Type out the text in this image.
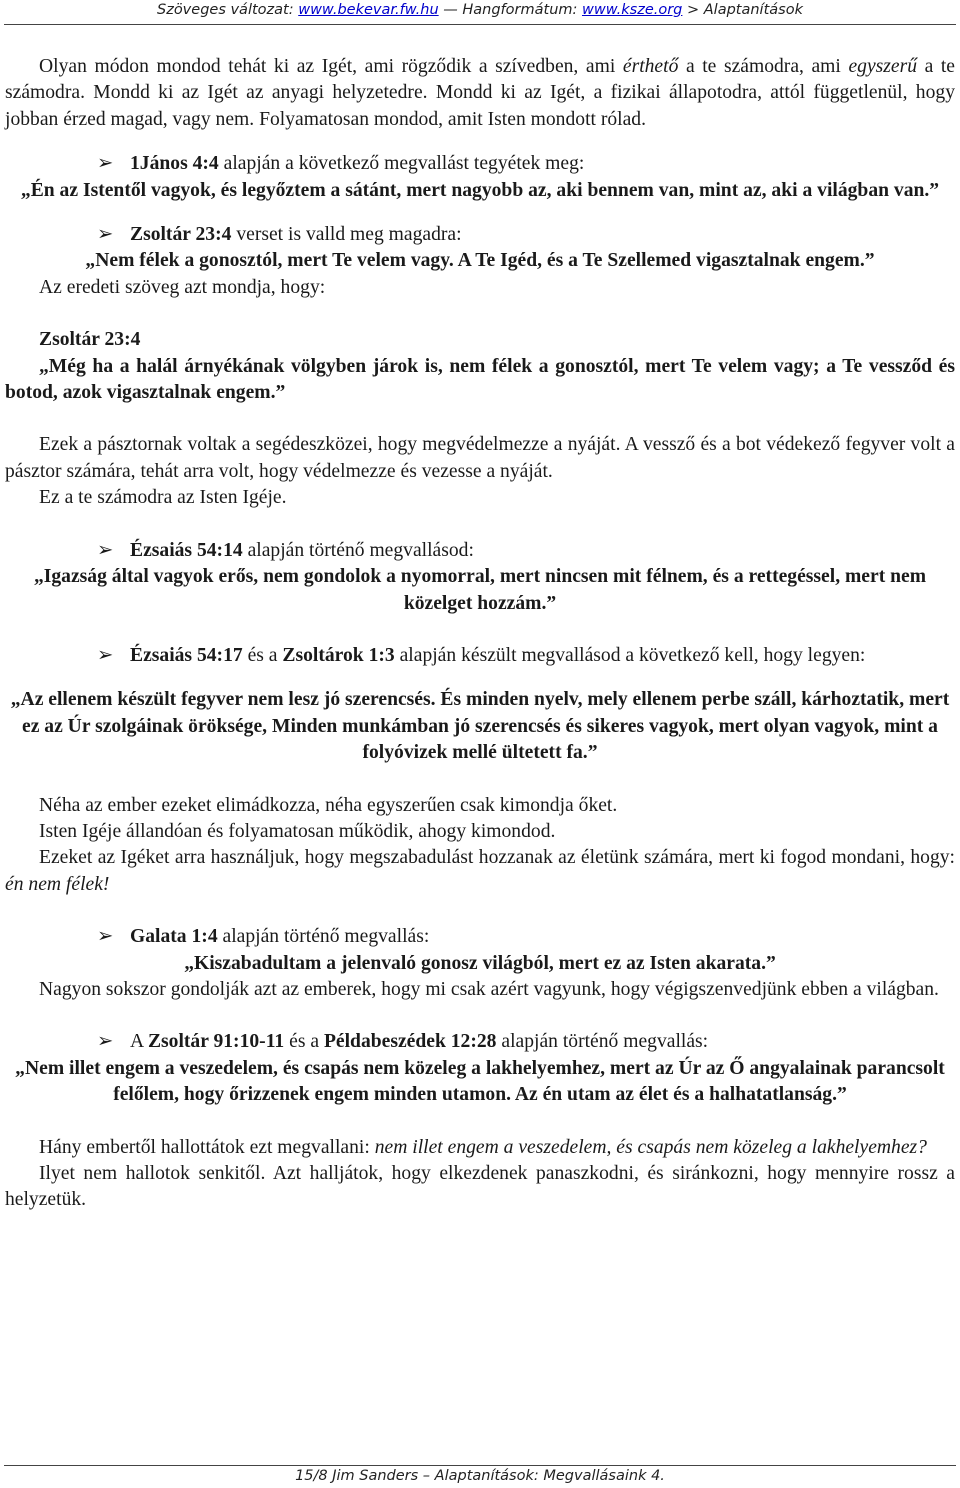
Szöveges változat: www.bekevar.fw.hu — Hangformátum: www.ksze.org > Alaptanítások

Olyan módon mondod tehát ki az Igét, ami rögződik a szívedben, ami érthető a te számodra, ami egyszerű a te számodra. Mondd ki az Igét az anyagi helyzetedre. Mondd ki az Igét, a fizikai állapotodra, attól függetlenül, hogy jobban érzed magad, vagy nem. Folyamatosan mondod, amit Isten mondott rólad.

➢ 1János 4:4 alapján a következő megvallást tegyétek meg:

„Én az Istentől vagyok, és legyőztem a sátánt, mert nagyobb az, aki bennem van, mint az, aki a világban van.”

➢ Zsoltár 23:4 verset is valld meg magadra:

„Nem félek a gonosztól, mert Te velem vagy. A Te Igéd, és a Te Szellemed vigasztalnak engem.”

Az eredeti szöveg azt mondja, hogy:

Zsoltár 23:4

„Még ha a halál árnyékának völgyben járok is, nem félek a gonosztól, mert Te velem vagy; a Te vessződ és botod, azok vigasztalnak engem.”

Ezek a pásztornak voltak a segédeszközei, hogy megvédelmezze a nyáját. A vessző és a bot védekező fegyver volt a pásztor számára, tehát arra volt, hogy védelmezze és vezesse a nyáját.

Ez a te számodra az Isten Igéje.

➢ Ézsaiás 54:14 alapján történő megvallásod:

„Igazság által vagyok erős, nem gondolok a nyomorral, mert nincsen mit félnem, és a rettegéssel, mert nem közelget hozzám.”

➢ Ézsaiás 54:17 és a Zsoltárok 1:3 alapján készült megvallásod a következő kell, hogy legyen:

„Az ellenem készült fegyver nem lesz jó szerencsés. És minden nyelv, mely ellenem perbe száll, kárhoztatik, mert ez az Úr szolgáinak öröksége, Minden munkámban jó szerencsés és sikeres vagyok, mert olyan vagyok, mint a folyóvizek mellé ültetett fa.”

Néha az ember ezeket elimádkozza, néha egyszerűen csak kimondja őket.

Isten Igéje állandóan és folyamatosan működik, ahogy kimondod.

Ezeket az Igéket arra használjuk, hogy megszabadulást hozzanak az életünk számára, mert ki fogod mondani, hogy: én nem félek!

➢ Galata 1:4 alapján történő megvallás:

„Kiszabadultam a jelenvaló gonosz világból, mert ez az Isten akarata.”

Nagyon sokszor gondolják azt az emberek, hogy mi csak azért vagyunk, hogy végigszenvedjünk ebben a világban.

➢ A Zsoltár 91:10-11 és a Példabeszédek 12:28 alapján történő megvallás:

„Nem illet engem a veszedelem, és csapás nem közeleg a lakhelyemhez, mert az Úr az Ő angyalainak parancsolt felőlem, hogy őrizzenek engem minden utamon. Az én utam az élet és a halhatatlanság.”

Hány embertől hallottátok ezt megvallani: nem illet engem a veszedelem, és csapás nem közeleg a lakhelyemhez?

Ilyet nem hallotok senkitől. Azt halljátok, hogy elkezdenek panaszkodni, és siránkozni, hogy mennyire rossz a helyzetük.

15/8 Jim Sanders – Alaptanítások: Megvallásaink 4.
